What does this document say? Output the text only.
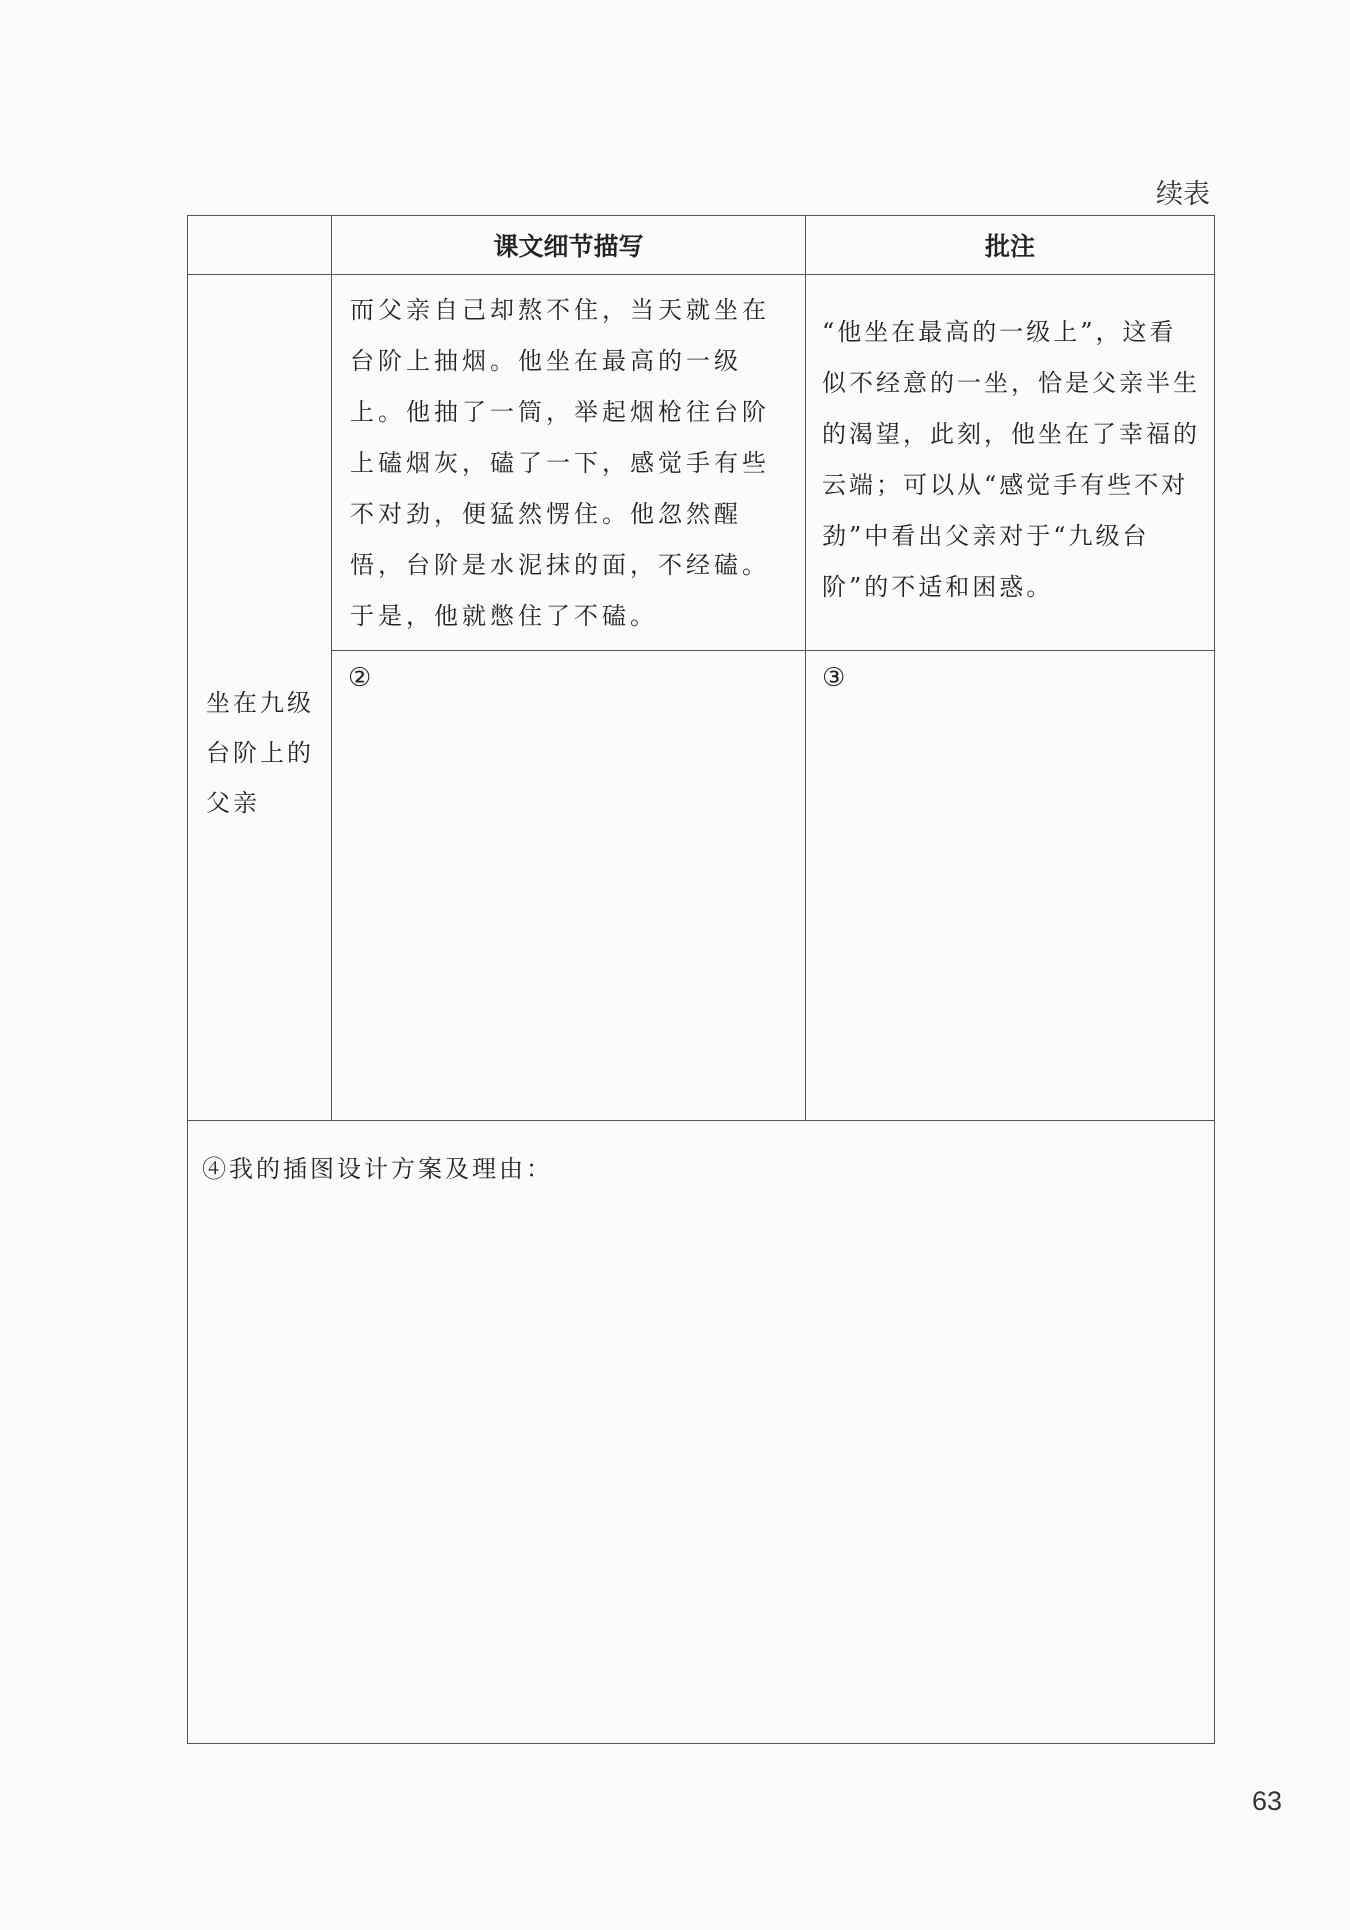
续表
	课文细节描写	批注

坐在九级台阶上的父亲	而父亲自己却熬不住，当天就坐在台阶上抽烟。他坐在最高的一级上。他抽了一筒，举起烟枪往台阶上磕烟灰，磕了一下，感觉手有些不对劲，便猛然愣住。他忽然醒悟，台阶是水泥抹的面，不经磕。于是，他就憋住了不磕。	“他坐在最高的一级上”，这看似不经意的一坐，恰是父亲半生的渴望，此刻，他坐在了幸福的云端；可以从“感觉手有些不对劲”中看出父亲对于“九级台阶”的不适和困惑。

	②	③

④我的插图设计方案及理由：		
63
